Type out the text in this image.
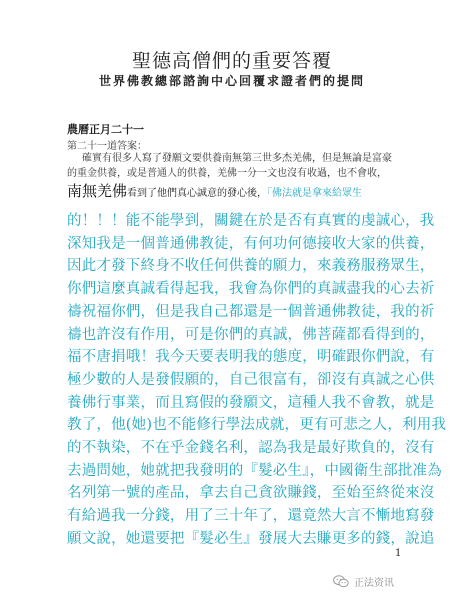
聖德高僧們的重要答覆
世界佛教總部諮詢中心回覆求證者們的提問
農曆正月二十一
第二十一道答案：
確實有很多人寫了發願文要供養南無第三世多杰羌佛，但是無論是富豪
的重金供養，或是普通人的供養，羌佛一分一文也沒有收過，也不會收，
南無羌佛看到了他們真心誠意的發心後，「佛法就是拿來給眾生
的！！！能不能學到，關鍵在於是否有真實的虔誠心，我
深知我是一個普通佛教徒，有何功何德接收大家的供養，
因此才發下終身不收任何供養的願力，來義務服務眾生，
你們這麼真誠看得起我，我會為你們的真誠盡我的心去祈
禱祝福你們，但是我自己都還是一個普通佛教徒，我的祈
禱也許沒有作用，可是你們的真誠，佛菩薩都看得到的，
福不唐捐哦！我今天要表明我的態度，明確跟你們說，有
極少數的人是發假願的，自己很富有，卻沒有真誠之心供
養佛行事業，而且寫假的發願文，這種人我不會教，就是
教了，他(她)也不能修行學法成就，更有可悲之人，利用我
的不執染，不在乎金錢名利，認為我是最好欺負的，沒有
去過問她，她就把我發明的『髮必生』，中國衛生部批准為
名列第一號的產品，拿去自己貪欲賺錢，至始至終從來沒
有給過我一分錢，用了三十年了，還竟然大言不慚地寫發
願文說，她還要把『髮必生』發展大去賺更多的錢，說追
1
正法资讯
